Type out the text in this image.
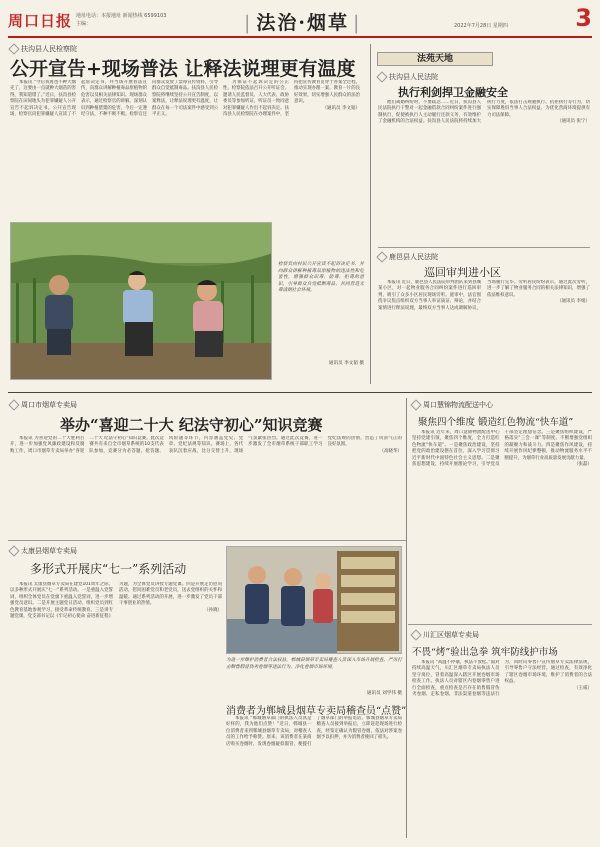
周口日报 地址电话：本报地址 新闻热线 6599103
主编：	| 法治·烟草 |	2022年7月28日 星期四	3
扶沟县人民检察院
公开宣告+现场普法 让释法说理更有温度

本报讯 “今后我再也不种大烟壳了，这要由一点就种大烟苗的害得，我知道错了。”近日，扶沟县检察院在田间地头为犯罪嫌疑人公开宣告不起诉决定书。公开宣告现场，检察官向犯罪嫌疑人宣读了不起诉决定书，并当场开展普法宣传，向群众讲解种植毒品原植物的危害以及相关法律知识。现场群众表示，通过检察官的讲解，深刻认识到种植罂粟的危害，今后一定遵纪守法，不种不吸不贩。检察官还向群众发放了禁毒宣传资料，引导群众自觉抵制毒品。扶沟县人民检察院将继续坚持公开宣告制度，以案释法，让释法说理更有温度，让群众在每一个司法案件中感受到公平正义。

为保证不起诉决定的公正性，检察院依法召开公开听证会，邀请人民监督员、人大代表、政协委员等参加听证，听证员一致同意对犯罪嫌疑人作出不起诉决定。扶沟县人民检察院在办理案件中，坚持把宣传教育贯穿于办案全过程，推动实现办理一案、教育一片的良好效果，切实增强人民群众的法治意识。

（通讯员 李文韬）

检察官向村民公开宣读不起诉决定书，并向群众讲解种植毒品原植物的违法性和危害性，增强群众识毒、防毒、拒毒的意识，引导群众自觉抵制毒品，共同营造无毒清朗社会环境。
通讯员 李文韬 摄
法苑天地
扶沟县人民法院
执行利剑捍卫金融安全

他们离婚纠纷时，不要疏忽……近日，扶沟县人民法院执行干警对一起金融借款合同纠纷案件进行强制执行，促使被执行人主动履行还款义务，有效维护了金融机构的合法权益。扶沟县人民法院将持续加大执行力度，依法打击规避执行、抗拒执行等行为，切实保障胜诉当事人合法权益，为优化营商环境提供有力司法保障。

（通讯员 张宁）

鹿邑县人民法院
巡回审判进小区

本报讯 近日，鹿邑县人民法院审判团队来到县城某小区，对一起物业服务合同纠纷案件进行巡回审判，吸引了众多小区居民现场旁听。庭审中，法官围绕争议焦点组织双方当事人举证质证、辩论，并结合案情进行释法说理，最终双方当事人达成调解协议，当场履行完毕。旁听居民纷纷表示，通过此次旁听，进一步了解了物业服务合同的相关法律知识，增强了依法维权意识。

（通讯员 李娟）

周口市烟草专卖局
举办“喜迎二十大 纪法守初心”知识竞赛

本报讯 为喜迎党的二十大胜利召开，进一步加强党风廉政建设和反腐败工作，周口市烟草专卖局举办“喜迎二十大 纪法守初心”知识竞赛。此次竞赛共有来自全市烟草系统的10支代表队参加，竞赛分为必答题、抢答题、风险题等环节，内容涵盖党史、党章、党纪法规等知识。赛场上，各代表队沉着应战，比分交替上升，现场气氛紧张热烈。通过此次竞赛，进一步激发了全市烟草系统干部职工学习党纪法规的热情，营造了风清气正的良好氛围。

（高晓华）

太康县烟草专卖局
多形式开展庆“七一”系列活动

本报讯 太康县烟草专卖局在建党101周年之际，以多种形式开展庆“七一”系列活动。一是重温入党誓词，组织全体党员在党旗下重温入党誓词，进一步增强党员意识。二是开展主题党日活动，组织党员到红色教育基地参观学习，接受革命传统教育。三是讲专题党课，党支部书记以《牢记初心使命 奋进新征程》为题，为全体党员讲授专题党课。四是开展走访慰问活动，慰问困难党员和老党员，送去党组织的关怀和温暖。通过系列活动的开展，进一步激发了党员干部干事创业的热情。

（孙晓）

为进一步维护消费者合法权益，郸城县烟草专卖局稽查人员深入市场开展检查，严厉打击制售假冒伪劣卷烟等违法行为，净化卷烟市场环境。
通讯员 刘学伟 摄
消费者为郸城县烟草专卖局稽查员“点赞”

本报讯 “郸城烟草部门的执法人员真是好样的，我为他们点赞！”近日，郸城县一位消费者来到郸城县烟草专卖局，对稽查人员的工作给予称赞。原来，该消费者在某商店购买卷烟时，发现卷烟疑似假冒，便拨打了烟草部门的举报电话。郸城县烟草专卖局稽查人员接到举报后，立即赶赴现场进行检查，经鉴定确认为假冒卷烟，依法对涉案卷烟予以扣押，并为消费者挽回了损失。

周口慧锦物流配送中心
聚焦四个维度 锻造红色物流“快车道”

本报讯 近年来，周口慧锦物流配送中心坚持党建引领，聚焦四个维度，全力打造红色物流“快车道”。一是聚焦政治建设，坚持把党的政治建设摆在首位，深入学习贯彻习近平新时代中国特色社会主义思想。二是聚焦思想建设，持续开展理论学习，引导党员干部坚定理想信念。三是聚焦组织建设，严格落实“三会一课”等制度，不断增强党组织的凝聚力和战斗力。四是聚焦作风建设，持续开展作风纪律整顿，推动物流服务水平不断提升，为烟草行业高质量发展贡献力量。

（张磊）

川汇区烟草专卖局
不畏“烤”验出急拳 筑牢防线护市场

本报讯 “高温不停歇，执法不放松。”面对持续高温天气，川汇区烟草专卖局执法人员坚守岗位，冒着高温深入辖区开展卷烟市场检查工作。执法人员对辖区内卷烟零售户进行全面检查，重点检查是否存在销售假冒伪劣卷烟、走私卷烟、非法渠道卷烟等违法行为，同时向零售户宣传烟草专卖法律法规，引导零售户守法经营。通过检查，有效净化了辖区卷烟市场环境，维护了消费者的合法权益。

（王威）
